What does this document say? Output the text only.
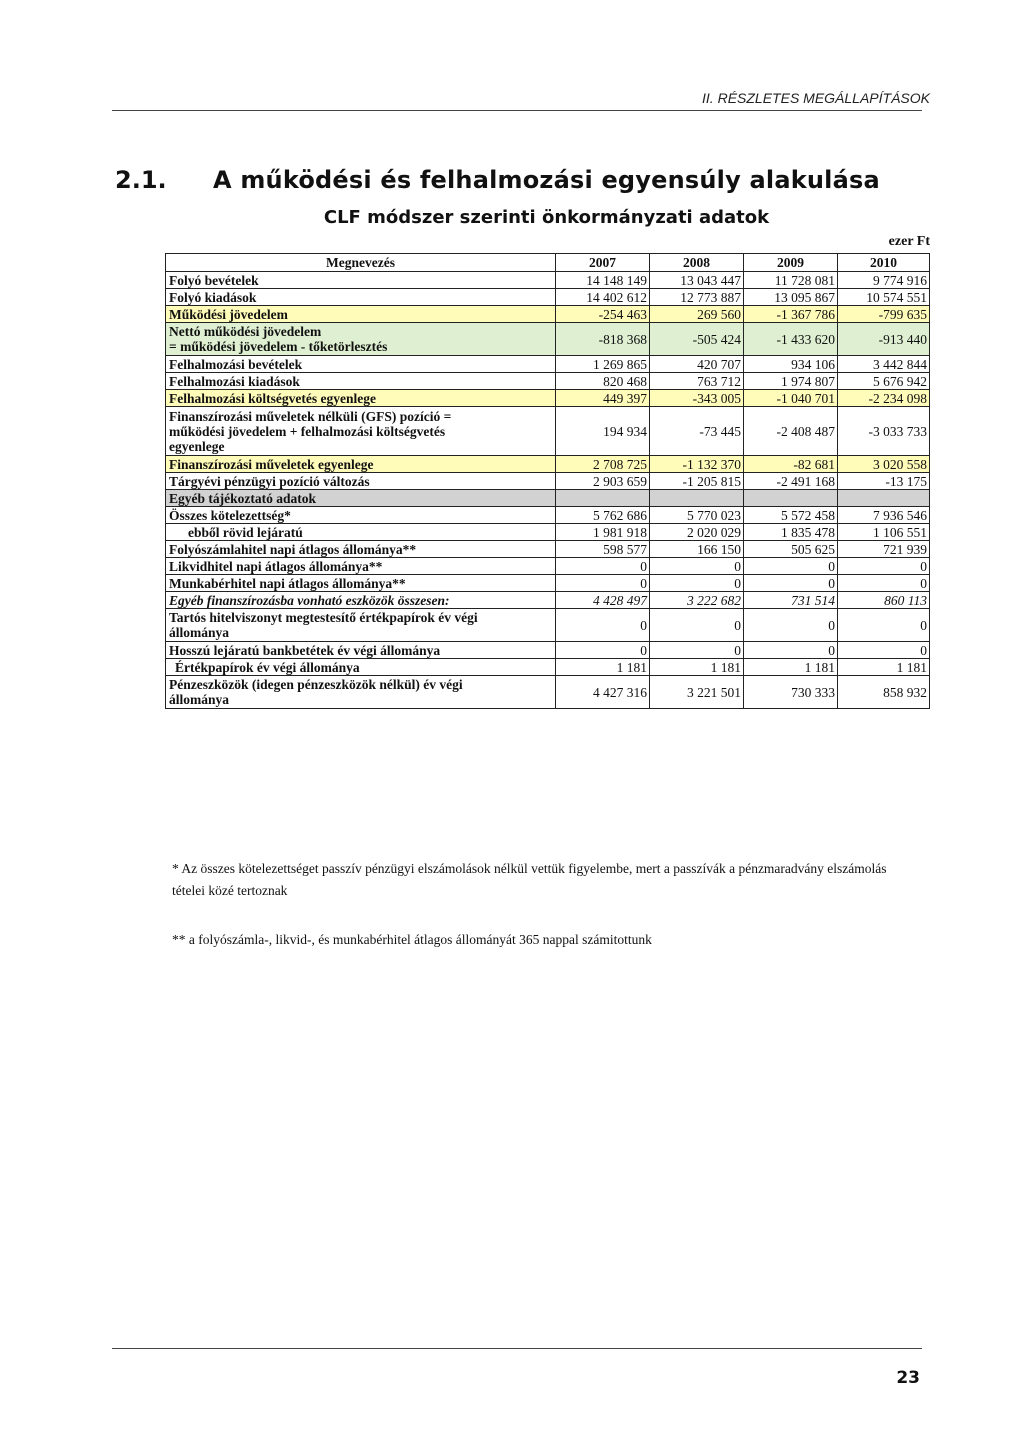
II. RÉSZLETES MEGÁLLAPÍTÁSOK
2.1. A működési és felhalmozási egyensúly alakulása
CLF módszer szerinti önkormányzati adatok
ezer Ft
Megnevezés	2007	2008	2009	2010
Folyó bevételek	14 148 149	13 043 447	11 728 081	9 774 916
Folyó kiadások	14 402 612	12 773 887	13 095 867	10 574 551
Működési jövedelem	-254 463	269 560	-1 367 786	-799 635
Nettó működési jövedelem
= működési jövedelem - tőketörlesztés	-818 368	-505 424	-1 433 620	-913 440
Felhalmozási bevételek	1 269 865	420 707	934 106	3 442 844
Felhalmozási kiadások	820 468	763 712	1 974 807	5 676 942
Felhalmozási költségvetés egyenlege	449 397	-343 005	-1 040 701	-2 234 098
Finanszírozási műveletek nélküli (GFS) pozíció =
működési jövedelem + felhalmozási költségvetés
egyenlege	194 934	-73 445	-2 408 487	-3 033 733
Finanszírozási műveletek egyenlege	2 708 725	-1 132 370	-82 681	3 020 558
Tárgyévi pénzügyi pozíció változás	2 903 659	-1 205 815	-2 491 168	-13 175
Egyéb tájékoztató adatok				
Összes kötelezettség*	5 762 686	5 770 023	5 572 458	7 936 546
ebből rövid lejáratú	1 981 918	2 020 029	1 835 478	1 106 551
Folyószámlahitel napi átlagos állománya**	598 577	166 150	505 625	721 939
Likvidhitel napi átlagos állománya**	0	0	0	0
Munkabérhitel napi átlagos állománya**	0	0	0	0
Egyéb finanszírozásba vonható eszközök összesen:	4 428 497	3 222 682	731 514	860 113
Tartós hitelviszonyt megtestesítő értékpapírok év végi
állománya	0	0	0	0
Hosszú lejáratú bankbetétek év végi állománya	0	0	0	0
Értékpapírok év végi állománya	1 181	1 181	1 181	1 181
Pénzeszközök (idegen pénzeszközök nélkül) év végi
állománya	4 427 316	3 221 501	730 333	858 932
* Az összes kötelezettséget passzív pénzügyi elszámolások nélkül vettük figyelembe, mert a passzívák a pénzmaradvány elszámolás tételei közé tertoznak
** a folyószámla-, likvid-, és munkabérhitel átlagos állományát 365 nappal számitottunk
23
